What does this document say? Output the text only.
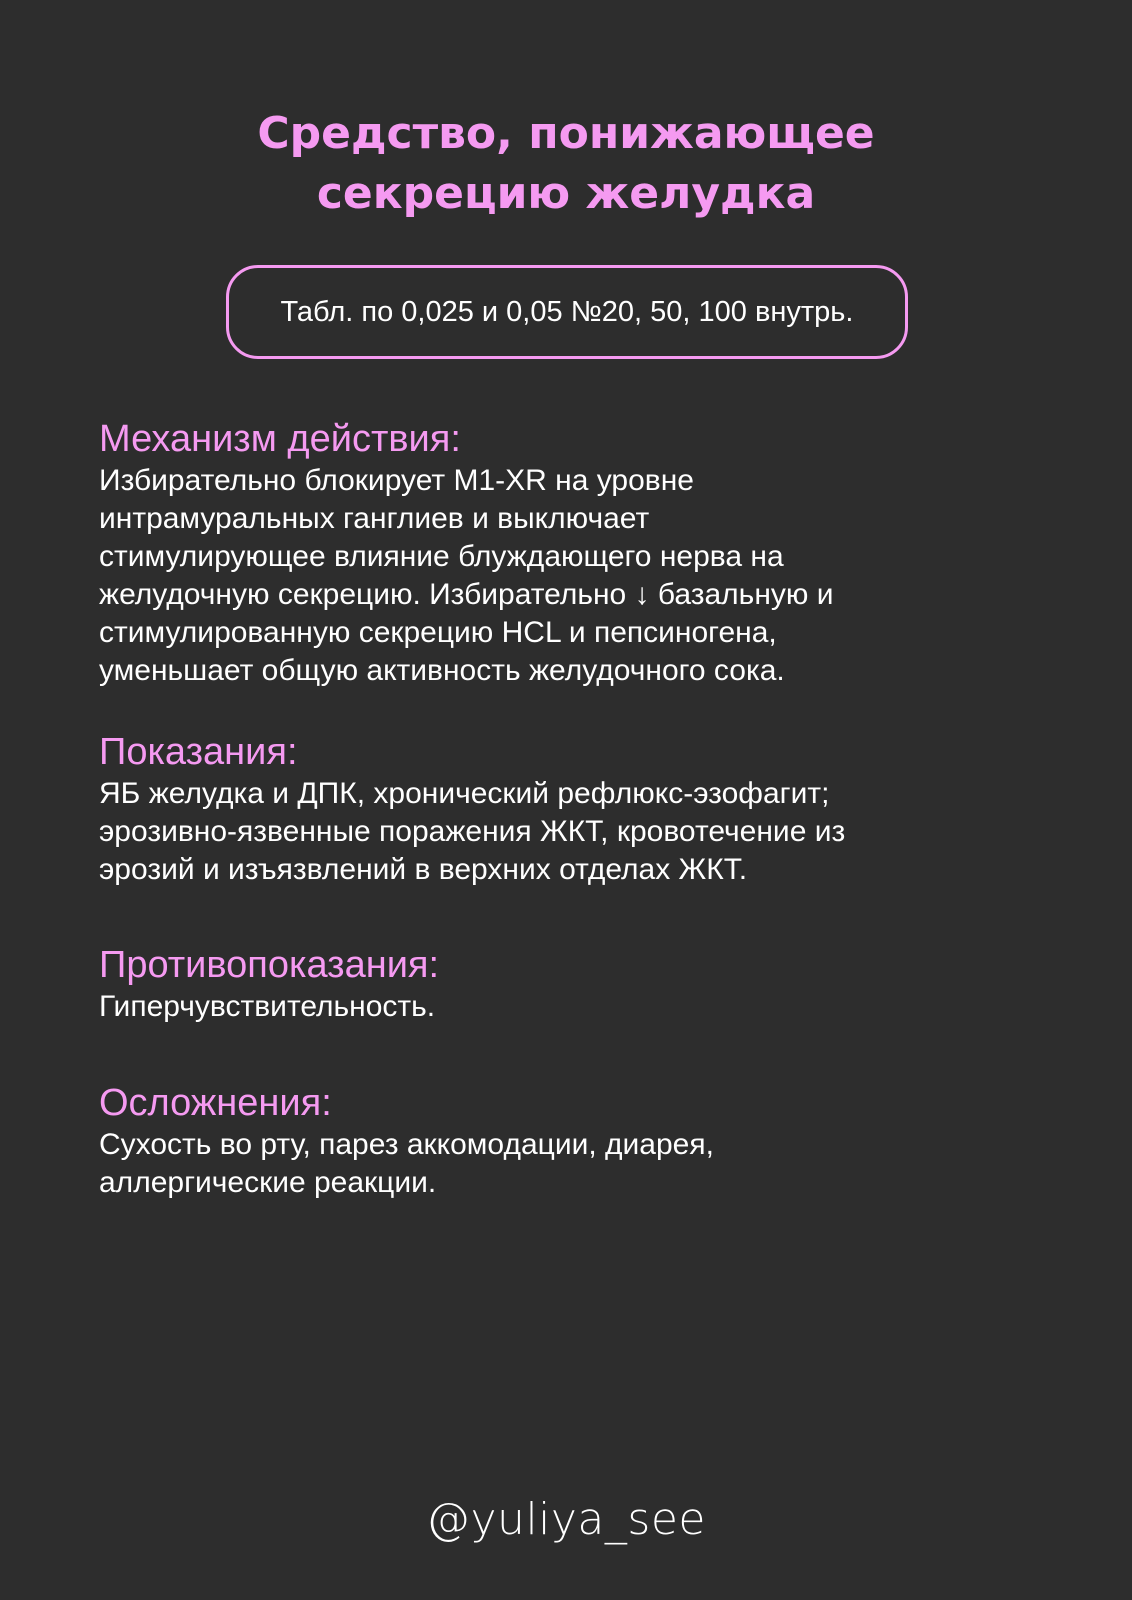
Средство, понижающее
секрецию желудка
Табл. по 0,025 и 0,05 №20, 50, 100 внутрь.
Механизм действия:

Избирательно блокирует М1-ХR на уровне
интрамуральных ганглиев и выключает
стимулирующее влияние блуждающего нерва на
желудочную секрецию. Избирательно ↓ базальную и
стимулированную секрецию HCL и пепсиногена,
уменьшает общую активность желудочного сока.

Показания:

ЯБ желудка и ДПК, хронический рефлюкс-эзофагит;
эрозивно-язвенные поражения ЖКТ, кровотечение из
эрозий и изъязвлений в верхних отделах ЖКТ.

Противопоказания:

Гиперчувствительность.

Осложнения:

Сухость во рту, парез аккомодации, диарея,
аллергические реакции.

@yuliya_see
